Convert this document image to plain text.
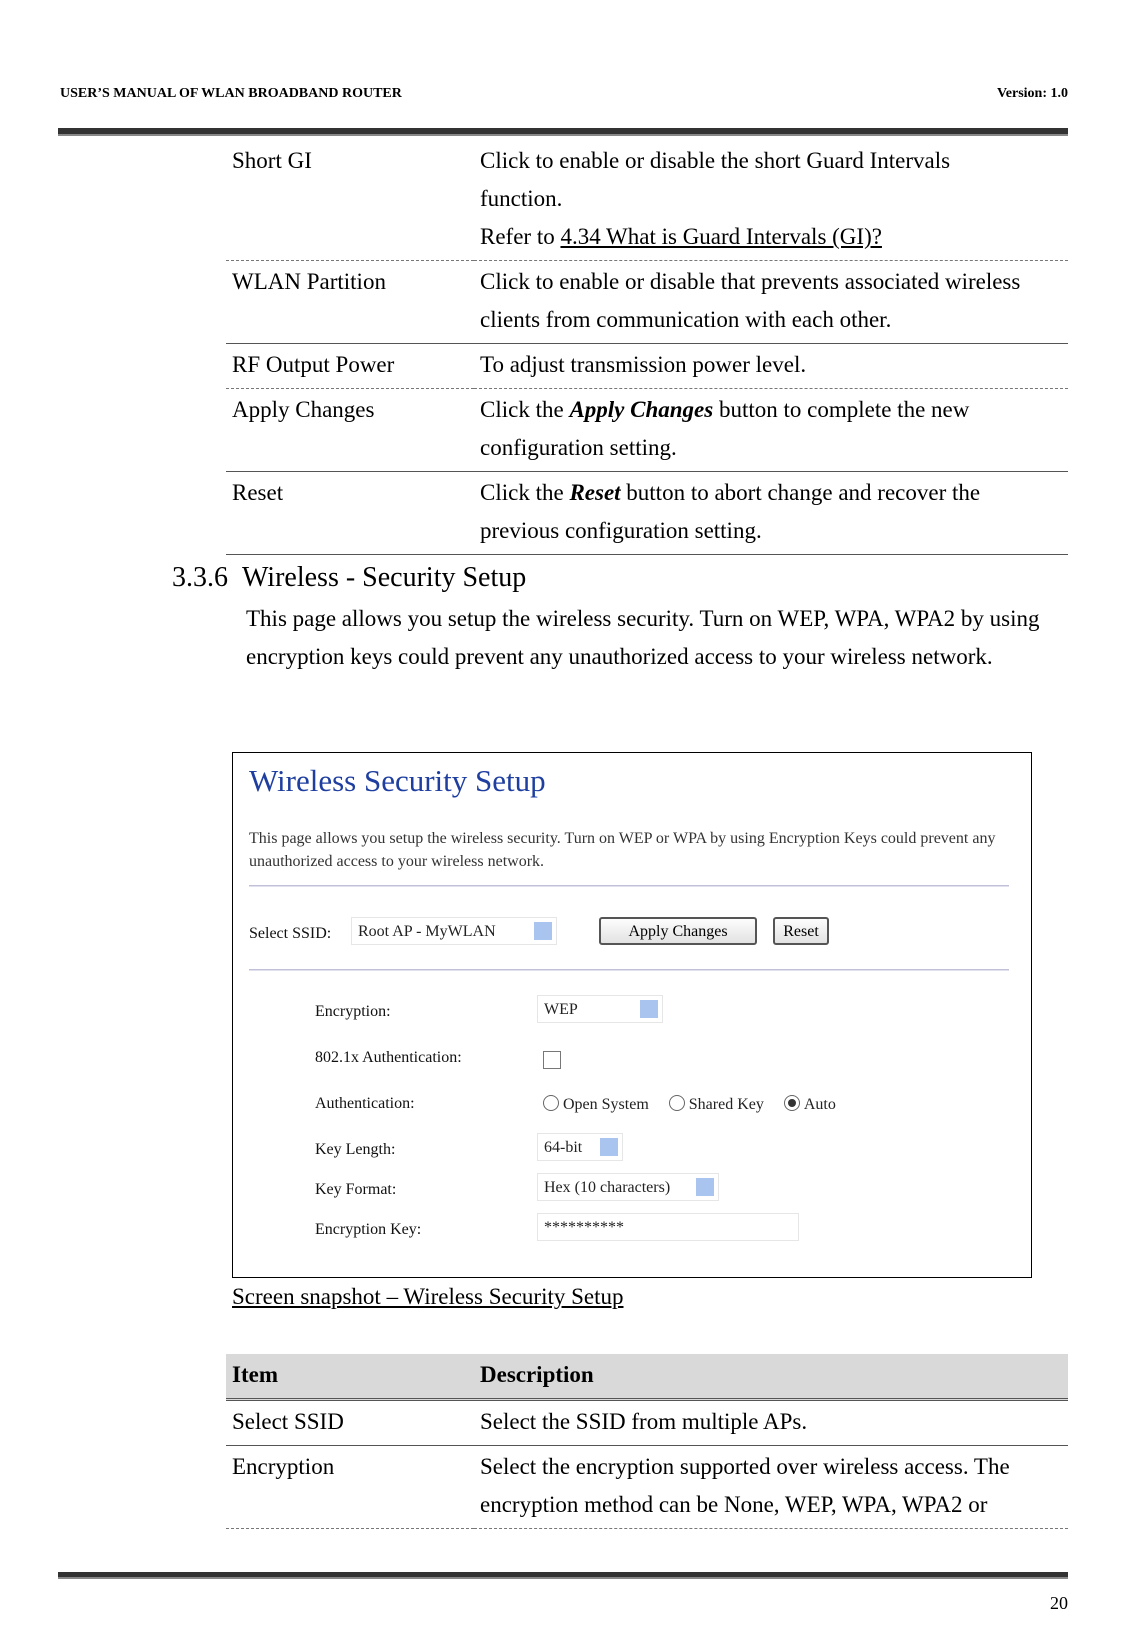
USER’S MANUAL OF WLAN BROADBAND ROUTER	Version: 1.0
Short GI	Click to enable or disable the short Guard Intervals
function.
Refer to 4.34 What is Guard Intervals (GI)?
WLAN Partition	Click to enable or disable that prevents associated wireless clients from communication with each other.
RF Output Power	To adjust transmission power level.
Apply Changes	Click the Apply Changes button to complete the new configuration setting.
Reset	Click the Reset button to abort change and recover the previous configuration setting.
3.3.6 Wireless - Security Setup
This page allows you setup the wireless security. Turn on WEP, WPA, WPA2 by using encryption keys could prevent any unauthorized access to your wireless network.
Wireless Security Setup
This page allows you setup the wireless security. Turn on WEP or WPA by using Encryption Keys could prevent any unauthorized access to your wireless network.
Select SSID:	Root AP - MyWLAN	Apply Changes	Reset
Encryption:	WEP
802.1x Authentication:
Authentication:	Open System	Shared Key	Auto
Key Length:	64-bit
Key Format:	Hex (10 characters)
Encryption Key:	**********
Screen snapshot – Wireless Security Setup
Item	Description
Select SSID	Select the SSID from multiple APs.
Encryption	Select the encryption supported over wireless access. The encryption method can be None, WEP, WPA, WPA2 or
20
